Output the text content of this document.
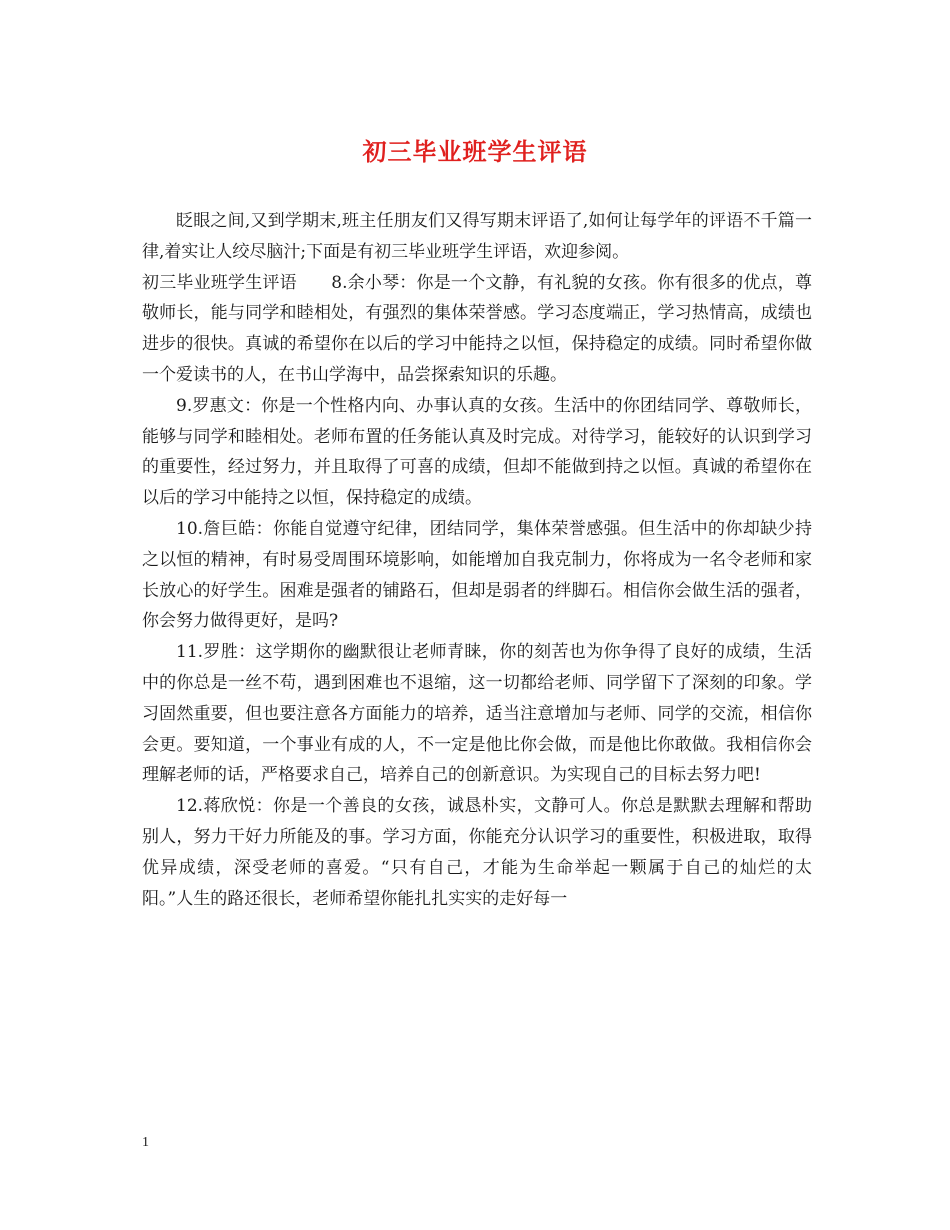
初三毕业班学生评语

眨眼之间,又到学期末,班主任朋友们又得写期末评语了,如何让每学年的评语不千篇一律,着实让人绞尽脑汁;下面是有初三毕业班学生评语，欢迎参阅。

初三毕业班学生评语　　8.余小琴：你是一个文静，有礼貌的女孩。你有很多的优点，尊敬师长，能与同学和睦相处，有强烈的集体荣誉感。学习态度端正，学习热情高，成绩也进步的很快。真诚的希望你在以后的学习中能持之以恒，保持稳定的成绩。同时希望你做一个爱读书的人，在书山学海中，品尝探索知识的乐趣。

9.罗惠文：你是一个性格内向、办事认真的女孩。生活中的你团结同学、尊敬师长，能够与同学和睦相处。老师布置的任务能认真及时完成。对待学习，能较好的认识到学习的重要性，经过努力，并且取得了可喜的成绩，但却不能做到持之以恒。真诚的希望你在以后的学习中能持之以恒，保持稳定的成绩。

10.詹巨皓：你能自觉遵守纪律，团结同学，集体荣誉感强。但生活中的你却缺少持之以恒的精神，有时易受周围环境影响，如能增加自我克制力，你将成为一名令老师和家长放心的好学生。困难是强者的铺路石，但却是弱者的绊脚石。相信你会做生活的强者，你会努力做得更好，是吗?

11.罗胜：这学期你的幽默很让老师青睐，你的刻苦也为你争得了良好的成绩，生活中的你总是一丝不苟，遇到困难也不退缩，这一切都给老师、同学留下了深刻的印象。学习固然重要，但也要注意各方面能力的培养，适当注意增加与老师、同学的交流，相信你会更。要知道，一个事业有成的人，不一定是他比你会做，而是他比你敢做。我相信你会理解老师的话，严格要求自己，培养自己的创新意识。为实现自己的目标去努力吧!

12.蒋欣悦：你是一个善良的女孩，诚恳朴实，文静可人。你总是默默去理解和帮助别人，努力干好力所能及的事。学习方面，你能充分认识学习的重要性，积极进取，取得优异成绩，深受老师的喜爱。“只有自己，才能为生命举起一颗属于自己的灿烂的太阳。”人生的路还很长，老师希望你能扎扎实实的走好每一

1
